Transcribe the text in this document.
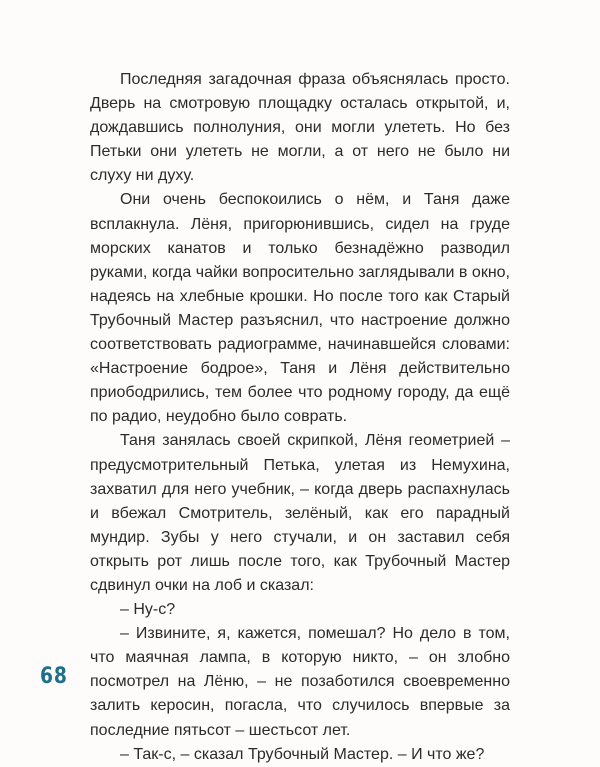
Последняя загадочная фраза объяснялась просто. Дверь на смотровую площадку осталась открытой, и, дождавшись полнолуния, они могли улететь. Но без Петьки они улететь не могли, а от него не было ни слуху ни духу.

Они очень беспокоились о нём, и Таня даже всплакнула. Лёня, пригорюнившись, сидел на груде морских канатов и только безнадёжно разводил руками, когда чайки вопросительно заглядывали в окно, надеясь на хлебные крошки. Но после того как Старый Трубочный Мастер разъяснил, что настроение должно соответствовать радиограмме, начинавшейся словами: «Настроение бодрое», Таня и Лёня действительно приободрились, тем более что родному городу, да ещё по радио, неудобно было соврать.

Таня занялась своей скрипкой, Лёня геометрией – предусмотрительный Петька, улетая из Немухина, захватил для него учебник, – когда дверь распахнулась и вбежал Смотритель, зелёный, как его парадный мундир. Зубы у него стучали, и он заставил себя открыть рот лишь после того, как Трубочный Мастер сдвинул очки на лоб и сказал:

– Ну-с?

– Извините, я, кажется, помешал? Но дело в том, что маячная лампа, в которую никто, – он злобно посмотрел на Лёню, – не позаботился своевременно залить керосин, погасла, что случилось впервые за последние пятьсот – шестьсот лет.

– Так-с, – сказал Трубочный Мастер. – И что же?

68
